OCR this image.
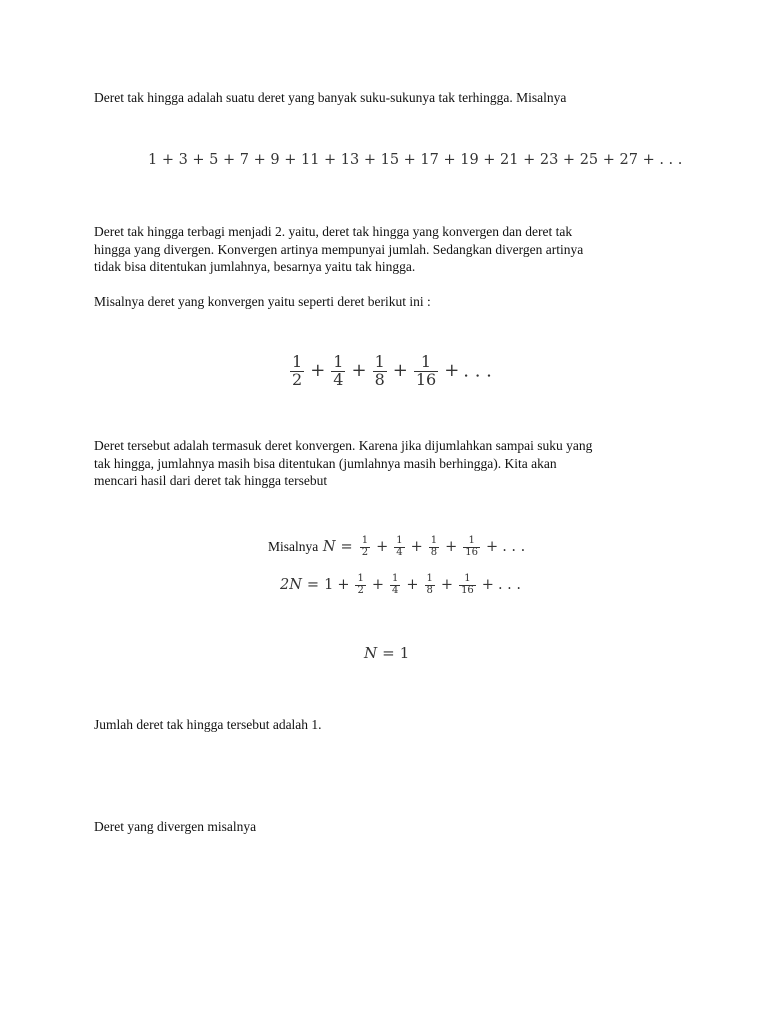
Deret tak hingga adalah suatu deret yang banyak suku-sukunya tak terhingga. Misalnya
1 + 3 + 5 + 7 + 9 + 11 + 13 + 15 + 17 + 19 + 21 + 23 + 25 + 27 + . . .
Deret tak hingga terbagi menjadi 2. yaitu, deret tak hingga yang konvergen dan deret tak
hingga yang divergen. Konvergen artinya mempunyai jumlah. Sedangkan divergen artinya
tidak bisa ditentukan jumlahnya, besarnya yaitu tak hingga.
Misalnya deret yang konvergen yaitu seperti deret berikut ini :
$\frac{1}{2} + \frac{1}{4} + \frac{1}{8} + \frac{1}{16}$ + . . .
Deret tersebut adalah termasuk deret konvergen. Karena jika dijumlahkan sampai suku yang
tak hingga, jumlahnya masih bisa ditentukan (jumlahnya masih berhingga). Kita akan
mencari hasil dari deret tak hingga tersebut
Misalnya $N = \frac{1}{2} + \frac{1}{4} + \frac{1}{8} + \frac{1}{16}$ + . . .
$2N = 1 + \frac{1}{2} + \frac{1}{4} + \frac{1}{8} + \frac{1}{16}$ + . . .
N = 1
Jumlah deret tak hingga tersebut adalah 1.
Deret yang divergen misalnya
